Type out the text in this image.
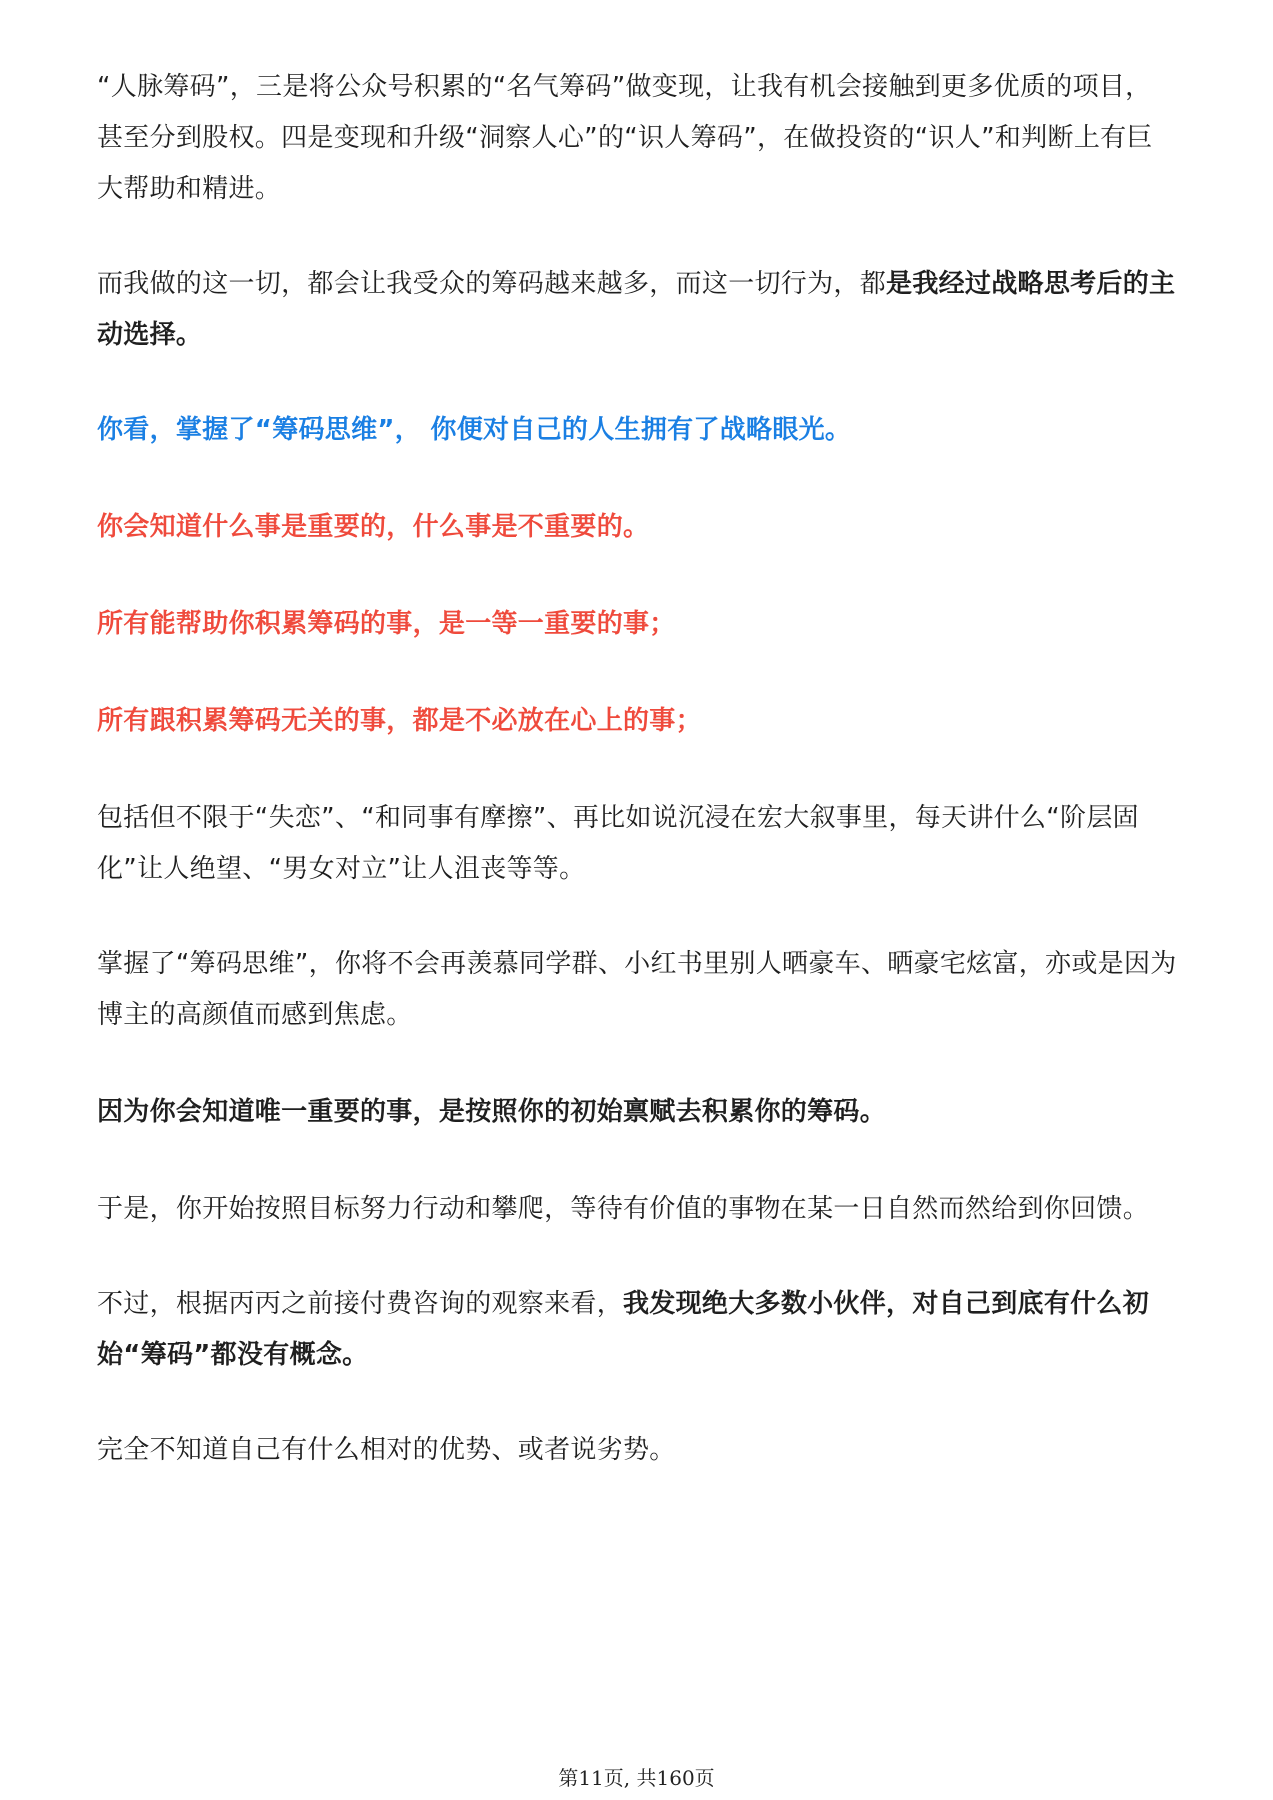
“人脉筹码”，三是将公众号积累的“名气筹码”做变现，让我有机会接触到更多优质的项目，甚至分到股权。四是变现和升级“洞察人心”的“识人筹码”，在做投资的“识人”和判断上有巨大帮助和精进。

而我做的这一切，都会让我受众的筹码越来越多，而这一切行为，都是我经过战略思考后的主动选择。

你看，掌握了“筹码思维”， 你便对自己的人生拥有了战略眼光。

你会知道什么事是重要的，什么事是不重要的。

所有能帮助你积累筹码的事，是一等一重要的事；

所有跟积累筹码无关的事，都是不必放在心上的事；

包括但不限于“失恋”、“和同事有摩擦”、再比如说沉浸在宏大叙事里，每天讲什么“阶层固化”让人绝望、“男女对立”让人沮丧等等。

掌握了“筹码思维”，你将不会再羡慕同学群、小红书里别人晒豪车、晒豪宅炫富，亦或是因为博主的高颜值而感到焦虑。

因为你会知道唯一重要的事，是按照你的初始禀赋去积累你的筹码。

于是，你开始按照目标努力行动和攀爬，等待有价值的事物在某一日自然而然给到你回馈。

不过，根据丙丙之前接付费咨询的观察来看，我发现绝大多数小伙伴，对自己到底有什么初始“筹码”都没有概念。

完全不知道自己有什么相对的优势、或者说劣势。

第11页, 共160页
